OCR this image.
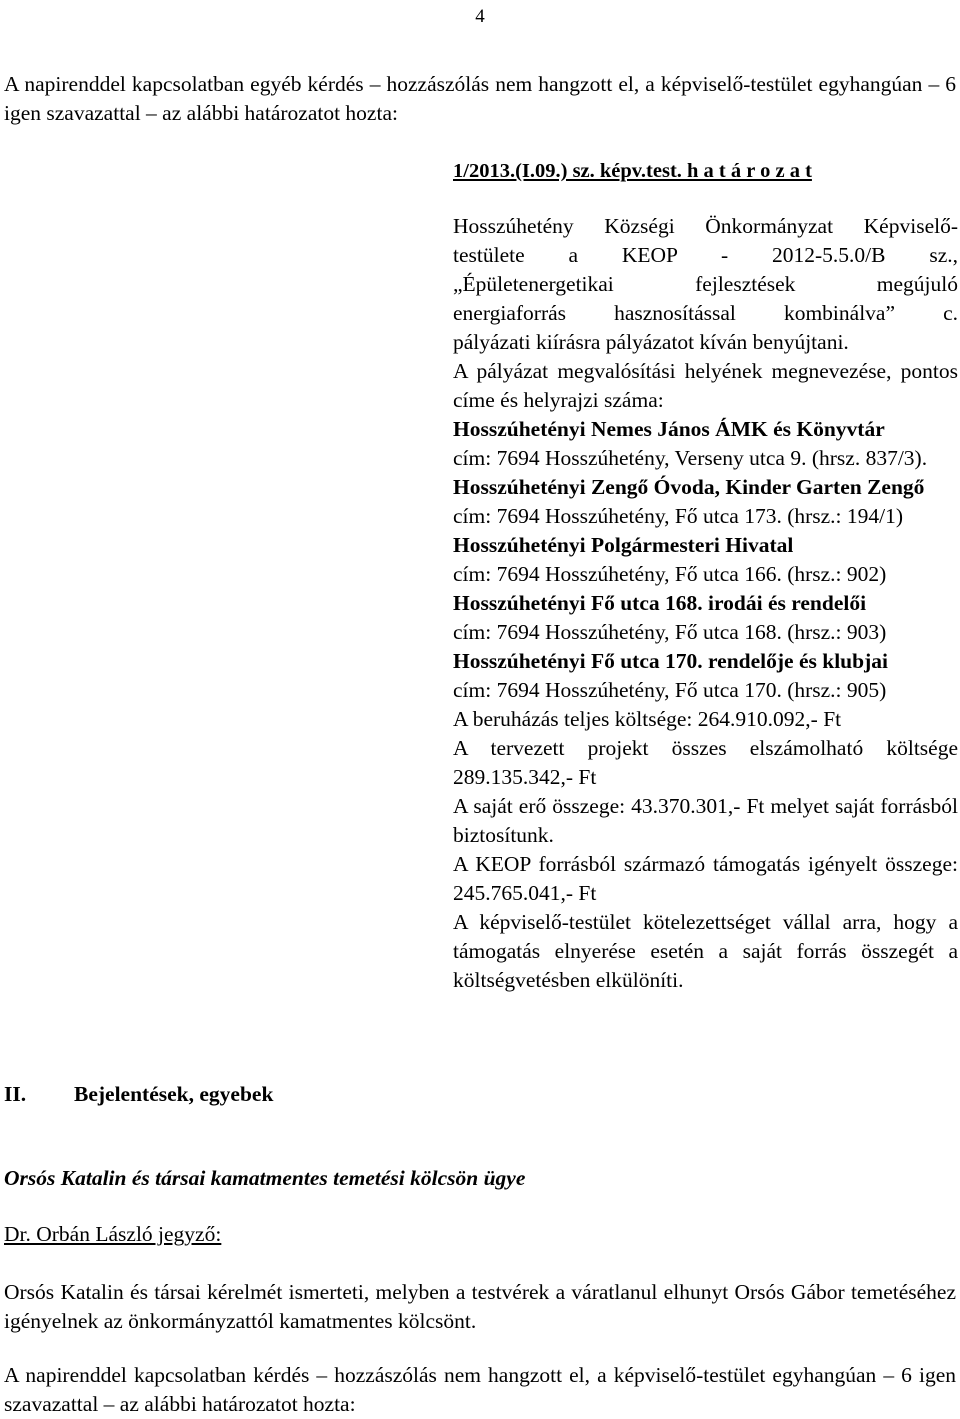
4
A napirenddel kapcsolatban egyéb kérdés – hozzászólás nem hangzott el, a képviselő-testület egyhangúan – 6 igen szavazattal – az alábbi határozatot hozta:

1/2013.(I.09.) sz. képv.test. h a t á r o z a t

Hosszúhetény Községi Önkormányzat Képviselő-

testülete a KEOP - 2012-5.5.0/B sz.,

„Épületenergetikai fejlesztések megújuló

energiaforrás hasznosítással kombinálva” c.

pályázati kiírásra pályázatot kíván benyújtani.

A pályázat megvalósítási helyének megnevezése, pontos címe és helyrajzi száma:

Hosszúhetényi Nemes János ÁMK és Könyvtár

cím: 7694 Hosszúhetény, Verseny utca 9. (hrsz. 837/3).

Hosszúhetényi Zengő Óvoda, Kinder Garten Zengő

cím: 7694 Hosszúhetény, Fő utca 173. (hrsz.: 194/1)

Hosszúhetényi Polgármesteri Hivatal

cím: 7694 Hosszúhetény, Fő utca 166. (hrsz.: 902)

Hosszúhetényi Fő utca 168. irodái és rendelői

cím: 7694 Hosszúhetény, Fő utca 168. (hrsz.: 903)

Hosszúhetényi Fő utca 170. rendelője és klubjai

cím: 7694 Hosszúhetény, Fő utca 170. (hrsz.: 905)

A beruházás teljes költsége: 264.910.092,- Ft

A tervezett projekt összes elszámolható költsége 289.135.342,- Ft

A saját erő összege: 43.370.301,- Ft melyet saját forrásból biztosítunk.

A KEOP forrásból származó támogatás igényelt összege: 245.765.041,- Ft

A képviselő-testület kötelezettséget vállal arra, hogy a támogatás elnyerése esetén a saját forrás összegét a költségvetésben elkülöníti.

II. Bejelentések, egyebek
Orsós Katalin és társai kamatmentes temetési kölcsön ügye
Dr. Orbán László jegyző:
Orsós Katalin és társai kérelmét ismerteti, melyben a testvérek a váratlanul elhunyt Orsós Gábor temetéséhez igényelnek az önkormányzattól kamatmentes kölcsönt.
A napirenddel kapcsolatban kérdés – hozzászólás nem hangzott el, a képviselő-testület egyhangúan – 6 igen szavazattal – az alábbi határozatot hozta:
